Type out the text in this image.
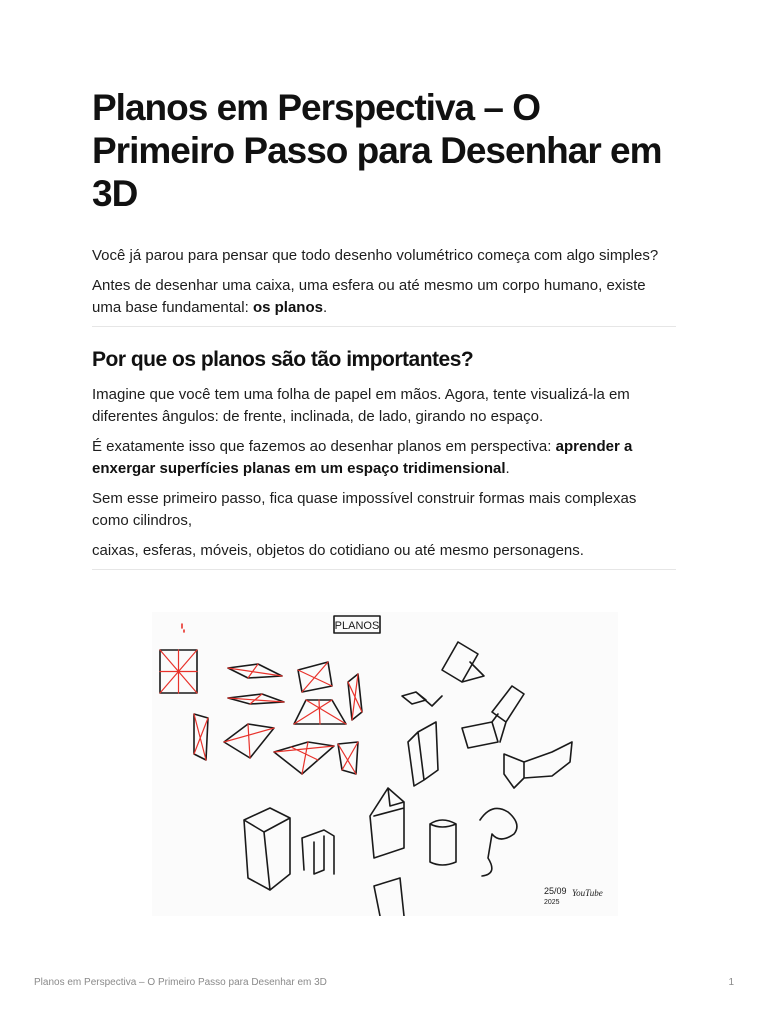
Planos em Perspectiva – O Primeiro Passo para Desenhar em 3D

Você já parou para pensar que todo desenho volumétrico começa com algo simples?

Antes de desenhar uma caixa, uma esfera ou até mesmo um corpo humano, existe uma base fundamental: os planos.

Por que os planos são tão importantes?

Imagine que você tem uma folha de papel em mãos. Agora, tente visualizá-la em diferentes ângulos: de frente, inclinada, de lado, girando no espaço.

É exatamente isso que fazemos ao desenhar planos em perspectiva: aprender a enxergar superfícies planas em um espaço tridimensional.

Sem esse primeiro passo, fica quase impossível construir formas mais complexas como cilindros,

caixas, esferas, móveis, objetos do cotidiano ou até mesmo personagens.

PLANOS
25/09
2025
YouTube
Planos em Perspectiva – O Primeiro Passo para Desenhar em 3D	1
